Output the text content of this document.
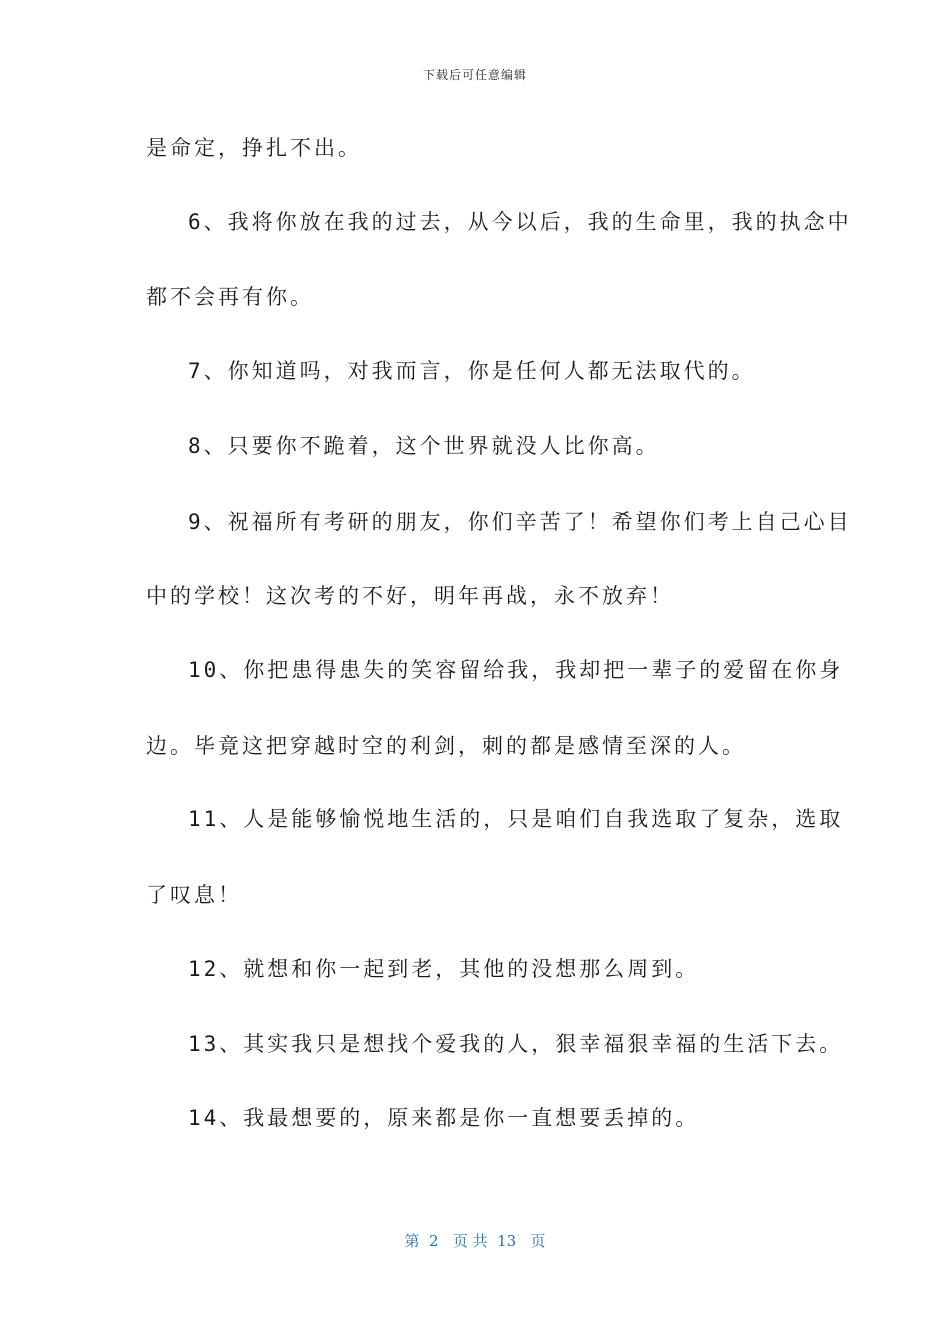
下载后可任意编辑
是命定，挣扎不出。
6、我将你放在我的过去，从今以后，我的生命里，我的执念中
都不会再有你。
7、你知道吗，对我而言，你是任何人都无法取代的。
8、只要你不跪着，这个世界就没人比你高。
9、祝福所有考研的朋友，你们辛苦了！希望你们考上自己心目
中的学校！这次考的不好，明年再战，永不放弃！
10、你把患得患失的笑容留给我，我却把一辈子的爱留在你身
边。毕竟这把穿越时空的利剑，刺的都是感情至深的人。
11、人是能够愉悦地生活的，只是咱们自我选取了复杂，选取
了叹息！
12、就想和你一起到老，其他的没想那么周到。
13、其实我只是想找个爱我的人，狠幸福狠幸福的生活下去。
14、我最想要的，原来都是你一直想要丢掉的。
第  2   页 共  13   页
